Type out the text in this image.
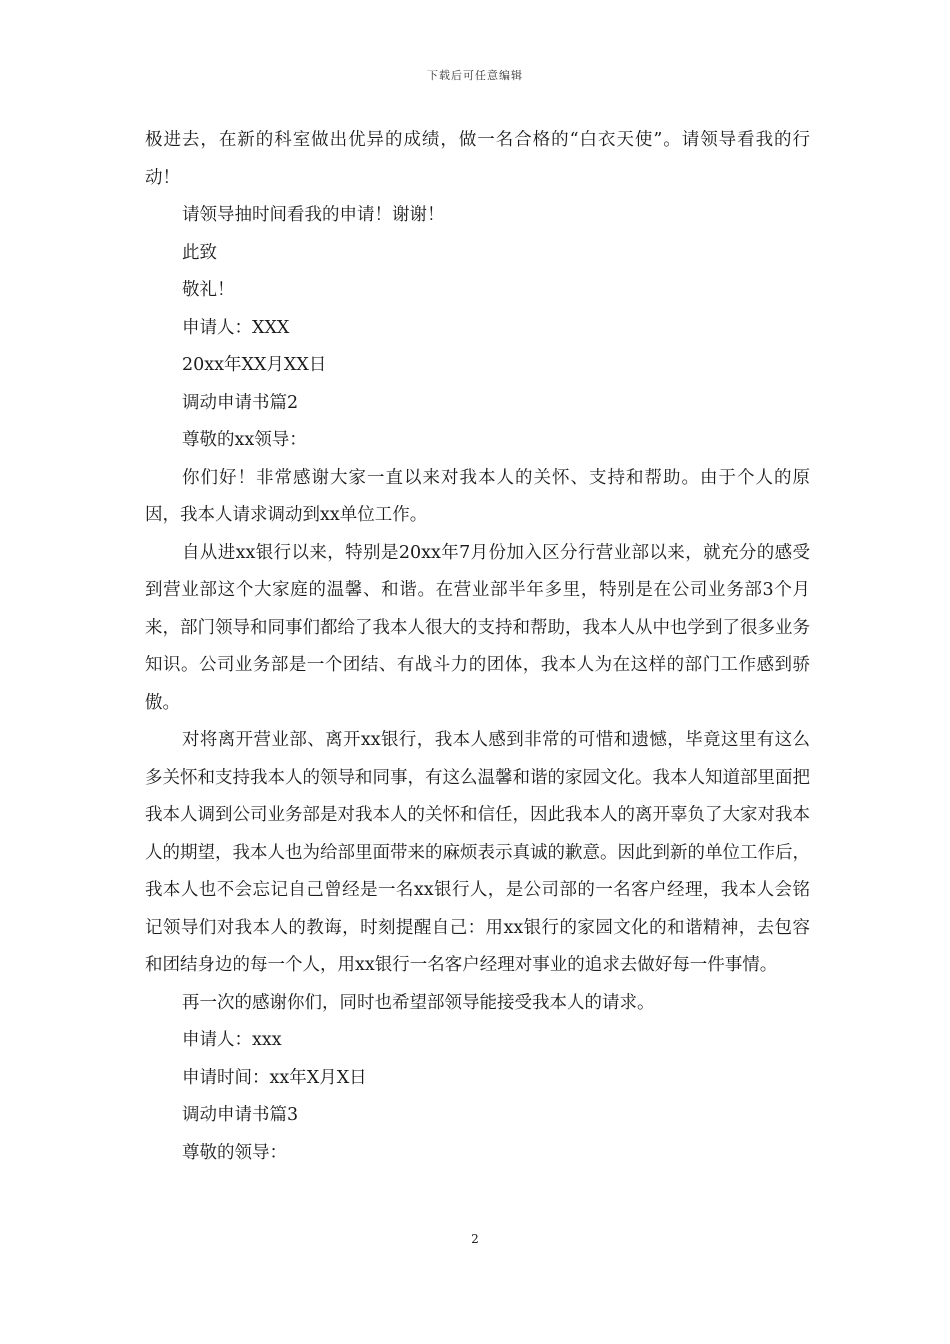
下载后可任意编辑

极进去，在新的科室做出优异的成绩，做一名合格的“白衣天使”。请领导看我的行动！

请领导抽时间看我的申请！谢谢！

此致

敬礼！

申请人：XXX

20xx年XX月XX日

调动申请书篇2

尊敬的xx领导：

你们好！非常感谢大家一直以来对我本人的关怀、支持和帮助。由于个人的原因，我本人请求调动到xx单位工作。

自从进xx银行以来，特别是20xx年7月份加入区分行营业部以来，就充分的感受到营业部这个大家庭的温馨、和谐。在营业部半年多里，特别是在公司业务部3个月来，部门领导和同事们都给了我本人很大的支持和帮助，我本人从中也学到了很多业务知识。公司业务部是一个团结、有战斗力的团体，我本人为在这样的部门工作感到骄傲。

对将离开营业部、离开xx银行，我本人感到非常的可惜和遗憾，毕竟这里有这么多关怀和支持我本人的领导和同事，有这么温馨和谐的家园文化。我本人知道部里面把我本人调到公司业务部是对我本人的关怀和信任，因此我本人的离开辜负了大家对我本人的期望，我本人也为给部里面带来的麻烦表示真诚的歉意。因此到新的单位工作后，我本人也不会忘记自己曾经是一名xx银行人，是公司部的一名客户经理，我本人会铭记领导们对我本人的教诲，时刻提醒自己：用xx银行的家园文化的和谐精神，去包容和团结身边的每一个人，用xx银行一名客户经理对事业的追求去做好每一件事情。

再一次的感谢你们，同时也希望部领导能接受我本人的请求。

申请人：xxx

申请时间：xx年X月X日

调动申请书篇3

尊敬的领导：

2
